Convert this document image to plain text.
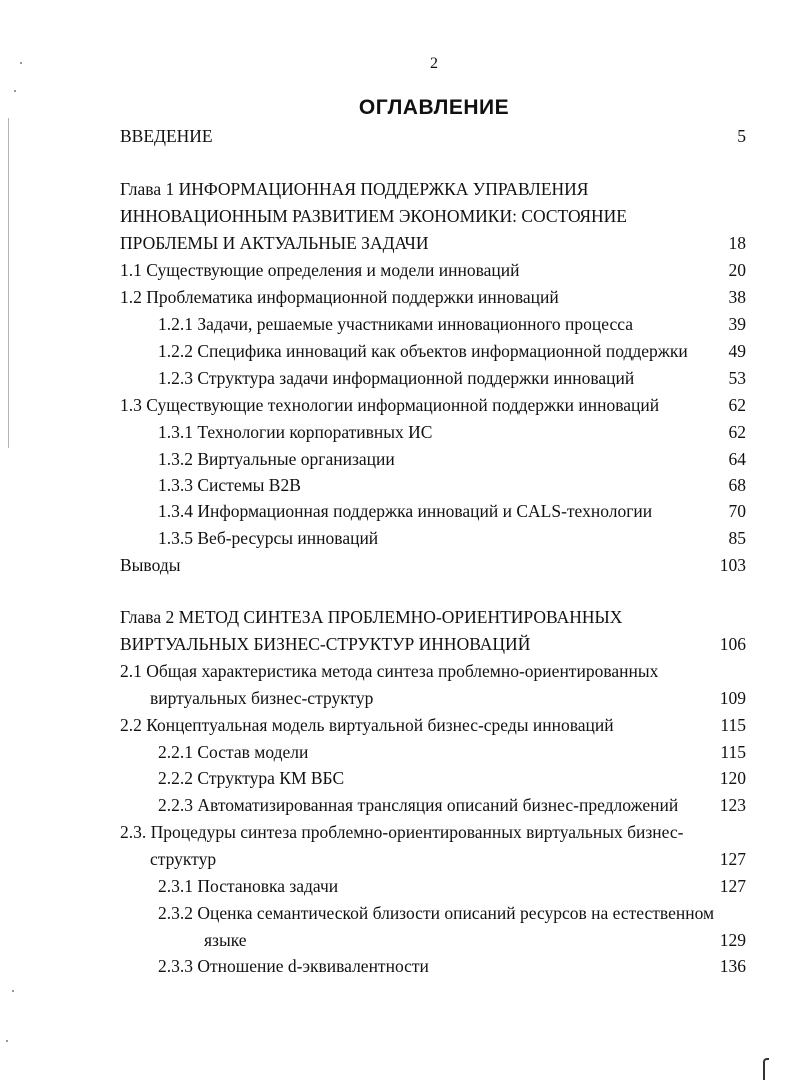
2
ОГЛАВЛЕНИЕ
ВВЕДЕНИЕ	5
Глава 1 ИНФОРМАЦИОННАЯ ПОДДЕРЖКА УПРАВЛЕНИЯ
ИННОВАЦИОННЫМ РАЗВИТИЕМ ЭКОНОМИКИ: СОСТОЯНИЕ
ПРОБЛЕМЫ И АКТУАЛЬНЫЕ ЗАДАЧИ	18
1.1 Существующие определения и модели инноваций	20
1.2 Проблематика информационной поддержки инноваций	38
1.2.1 Задачи, решаемые участниками инновационного процесса	39
1.2.2 Специфика инноваций как объектов информационной поддержки 49
1.2.3 Структура задачи информационной поддержки инноваций	53
1.3 Существующие технологии информационной поддержки инноваций	62
1.3.1 Технологии корпоративных ИС	62
1.3.2 Виртуальные организации	64
1.3.3 Системы B2B	68
1.3.4 Информационная поддержка инноваций и CALS-технологии	70
1.3.5 Веб-ресурсы инноваций	85
Выводы	103
Глава 2 МЕТОД СИНТЕЗА ПРОБЛЕМНО-ОРИЕНТИРОВАННЫХ
ВИРТУАЛЬНЫХ БИЗНЕС-СТРУКТУР ИННОВАЦИЙ	106
2.1 Общая характеристика метода синтеза проблемно-ориентированных
виртуальных бизнес-структур	109
2.2 Концептуальная модель виртуальной бизнес-среды инноваций	115
2.2.1 Состав модели	115
2.2.2 Структура КМ ВБС	120
2.2.3 Автоматизированная трансляция описаний бизнес-предложений 123
2.3. Процедуры синтеза проблемно-ориентированных виртуальных бизнес-
структур	127
2.3.1 Постановка задачи	127
2.3.2 Оценка семантической близости описаний ресурсов на естественном
языке	129
2.3.3 Отношение d-эквивалентности	136
